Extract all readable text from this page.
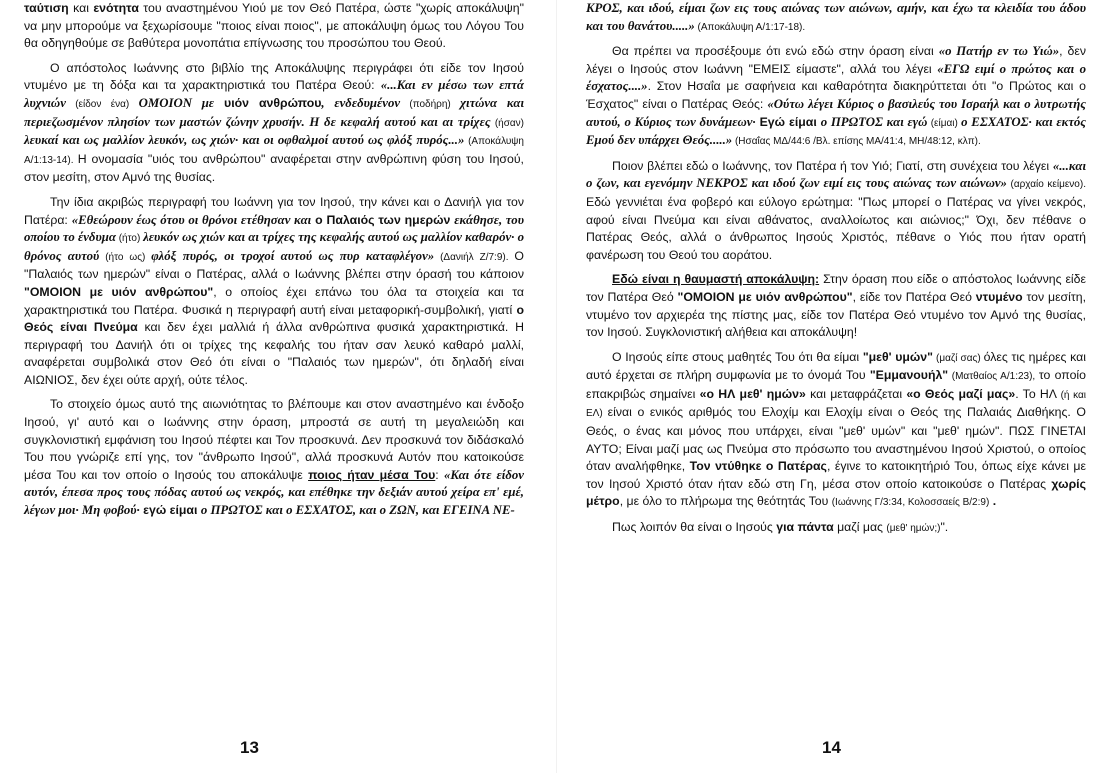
ταύτιση και ενότητα του αναστημένου Υιού με τον Θεό Πατέρα, ώστε "χωρίς αποκάλυψη" να μην μπορούμε να ξεχωρίσουμε "ποιος είναι ποιος", με αποκάλυψη όμως του Λόγου Του θα οδηγηθούμε σε βαθύτερα μονοπάτια επίγνωσης του προσώπου του Θεού.

Ο απόστολος Ιωάννης στο βιβλίο της Αποκάλυψης περιγράφει ότι είδε τον Ιησού ντυμένο με τη δόξα και τα χαρακτηριστικά του Πατέρα Θεού: «...Και εν μέσω των επτά λυχνιών (είδον ένα) ΟΜΟΙΟΝ με υιόν ανθρώπου, ενδεδυμένον (ποδήρη) χιτώνα και περιεζωσμένον πλησίον των μαστών ζώνην χρυσήν. Η δε κεφαλή αυτού και αι τρίχες (ήσαν) λευκαί και ως μαλλίον λευκόν, ως χιών· και οι οφθαλμοί αυτού ως φλόξ πυρός...» (Αποκάλυψη Α/1:13-14). Η ονομασία "υιός του ανθρώπου" αναφέρεται στην ανθρώπινη φύση του Ιησού, στον μεσίτη, στον Αμνό της θυσίας.

Την ίδια ακριβώς περιγραφή του Ιωάννη για τον Ιησού, την κάνει και ο Δανιήλ για τον Πατέρα: «Εθεώρουν έως ότου οι θρόνοι ετέθησαν και ο Παλαιός των ημερών εκάθησε, του οποίου το ένδυμα (ήτο) λευκόν ως χιών και αι τρίχες της κεφαλής αυτού ως μαλλίον καθαρόν· ο θρόνος αυτού (ήτο ως) φλόξ πυρός, οι τροχοί αυτού ως πυρ καταφλέγον» (Δανιήλ Ζ/7:9). Ο "Παλαιός των ημερών" είναι ο Πατέρας, αλλά ο Ιωάννης βλέπει στην όρασή του κάποιον "ΟΜΟΙΟΝ με υιόν ανθρώπου", ο οποίος έχει επάνω του όλα τα στοιχεία και τα χαρακτηριστικά του Πατέρα. Φυσικά η περιγραφή αυτή είναι μεταφορική-συμβολική, γιατί ο Θεός είναι Πνεύμα και δεν έχει μαλλιά ή άλλα ανθρώπινα φυσικά χαρακτηριστικά. Η περιγραφή του Δανιήλ ότι οι τρίχες της κεφαλής του ήταν σαν λευκό καθαρό μαλλί, αναφέρεται συμβολικά στον Θεό ότι είναι ο "Παλαιός των ημερών", ότι δηλαδή είναι ΑΙΩΝΙΟΣ, δεν έχει ούτε αρχή, ούτε τέλος.

Το στοιχείο όμως αυτό της αιωνιότητας το βλέπουμε και στον αναστημένο και ένδοξο Ιησού, γι' αυτό και ο Ιωάννης στην όραση, μπροστά σε αυτή τη μεγαλειώδη και συγκλονιστική εμφάνιση του Ιησού πέφτει και Τον προσκυνά. Δεν προσκυνά τον διδάσκαλό Του που γνώριζε επί γης, τον "άνθρωπο Ιησού", αλλά προσκυνά Αυτόν που κατοικούσε μέσα Του και τον οποίο ο Ιησούς του αποκάλυψε ποιος ήταν μέσα Του: «Και ότε είδον αυτόν, έπεσα προς τους πόδας αυτού ως νεκρός, και επέθηκε την δεξιάν αυτού χείρα επ' εμέ, λέγων μοι· Μη φοβού· εγώ είμαι ο ΠΡΩΤΟΣ και ο ΕΣΧΑΤΟΣ, και ο ΖΩΝ, και ΕΓΕΙΝΑ ΝΕ-

13

ΚΡΟΣ, και ιδού, είμαι ζων εις τους αιώνας των αιώνων, αμήν, και έχω τα κλειδία του άδου και του θανάτου.....» (Αποκάλυψη Α/1:17-18).

Θα πρέπει να προσέξουμε ότι ενώ εδώ στην όραση είναι «ο Πατήρ εν τω Υιώ», δεν λέγει ο Ιησούς στον Ιωάννη "ΕΜΕΙΣ είμαστε", αλλά του λέγει «ΕΓΩ ειμί ο πρώτος και ο έσχατος....». Στον Ησαΐα με σαφήνεια και καθαρότητα διακηρύττεται ότι "ο Πρώτος και ο Έσχατος" είναι ο Πατέρας Θεός: «Ούτω λέγει Κύριος ο βασιλεύς του Ισραήλ και ο λυτρωτής αυτού, ο Κύριος των δυνάμεων· Εγώ είμαι ο ΠΡΩΤΟΣ και εγώ (είμαι) ο ΕΣΧΑΤΟΣ· και εκτός Εμού δεν υπάρχει Θεός.....» (Ησαΐας ΜΔ/44:6 /Βλ. επίσης ΜΑ/41:4, ΜΗ/48:12, κλπ).

Ποιον βλέπει εδώ ο Ιωάννης, τον Πατέρα ή τον Υιό; Γιατί, στη συνέχεια του λέγει «...και ο ζων, και εγενόμην ΝΕΚΡΟΣ και ιδού ζων ειμί εις τους αιώνας των αιώνων» (αρχαίο κείμενο). Εδώ γεννιέται ένα φοβερό και εύλογο ερώτημα: "Πως μπορεί ο Πατέρας να γίνει νεκρός, αφού είναι Πνεύμα και είναι αθάνατος, αναλλοίωτος και αιώνιος;" Όχι, δεν πέθανε ο Πατέρας Θεός, αλλά ο άνθρωπος Ιησούς Χριστός, πέθανε ο Υιός που ήταν ορατή φανέρωση του Θεού του αοράτου.

Εδώ είναι η θαυμαστή αποκάλυψη: Στην όραση που είδε ο απόστολος Ιωάννης είδε τον Πατέρα Θεό "ΟΜΟΙΟΝ με υιόν ανθρώπου", είδε τον Πατέρα Θεό ντυμένο τον μεσίτη, ντυμένο τον αρχιερέα της πίστης μας, είδε τον Πατέρα Θεό ντυμένο τον Αμνό της θυσίας, τον Ιησού. Συγκλονιστική αλήθεια και αποκάλυψη!

Ο Ιησούς είπε στους μαθητές Του ότι θα είμαι "μεθ' υμών" (μαζί σας) όλες τις ημέρες και αυτό έρχεται σε πλήρη συμφωνία με το όνομά Του "Εμμανουήλ" (Ματθαίος Α/1:23), το οποίο επακριβώς σημαίνει «ο ΗΛ μεθ' ημών» και μεταφράζεται «ο Θεός μαζί μας». Το ΗΛ (ή και ΕΛ) είναι ο ενικός αριθμός του Ελοχίμ και Ελοχίμ είναι ο Θεός της Παλαιάς Διαθήκης. Ο Θεός, ο ένας και μόνος που υπάρχει, είναι "μεθ' υμών" και "μεθ' ημών". ΠΩΣ ΓΙΝΕΤΑΙ ΑΥΤΟ; Είναι μαζί μας ως Πνεύμα στο πρόσωπο του αναστημένου Ιησού Χριστού, ο οποίος όταν αναλήφθηκε, Τον ντύθηκε ο Πατέρας, έγινε το κατοικητήριό Του, όπως είχε κάνει με τον Ιησού Χριστό όταν ήταν εδώ στη Γη, μέσα στον οποίο κατοικούσε ο Πατέρας χωρίς μέτρο, με όλο το πλήρωμα της θεότητάς Του (Ιωάννης Γ/3:34, Κολοσσαείς Β/2:9) .

Πως λοιπόν θα είναι ο Ιησούς για πάντα μαζί μας (μεθ' ημών;)".

14
